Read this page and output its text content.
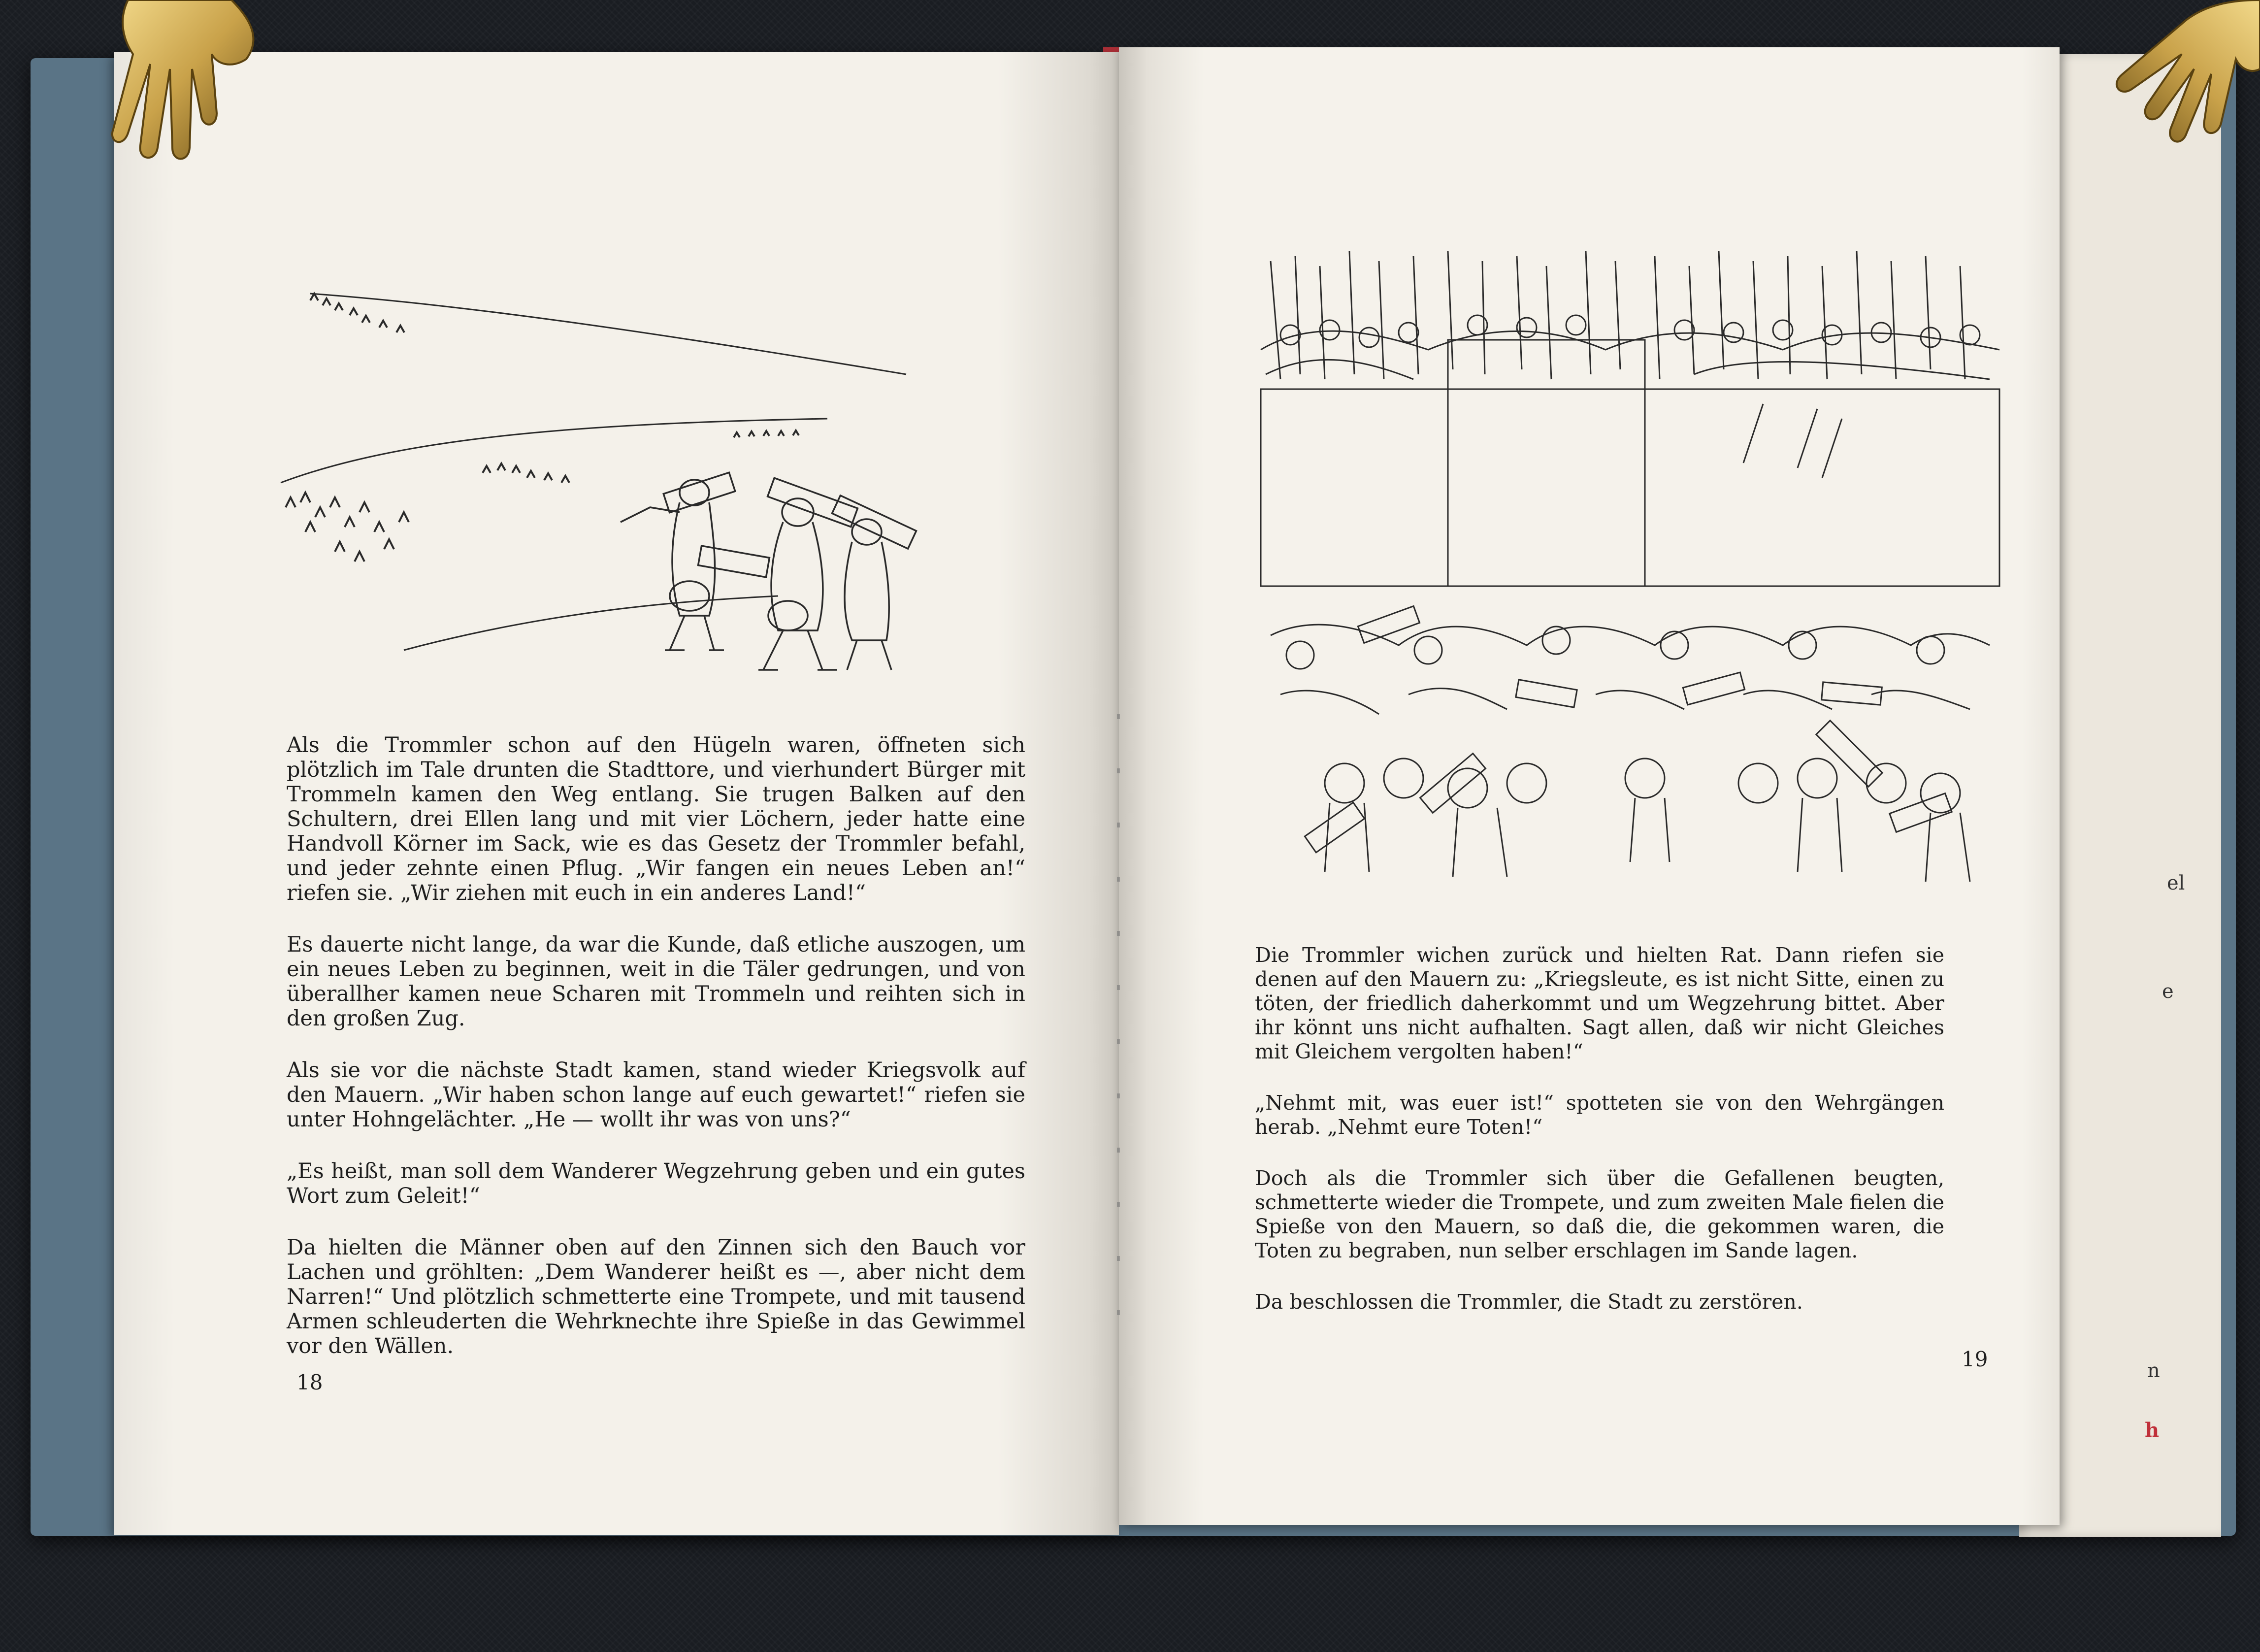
el
e
n
h

Als die Trommler schon auf den Hügeln waren, öffneten sich plötzlich im Tale drunten die Stadttore, und vierhundert Bürger mit Trommeln kamen den Weg entlang. Sie trugen Balken auf den Schultern, drei Ellen lang und mit vier Löchern, jeder hatte eine Handvoll Körner im Sack, wie es das Gesetz der Trommler befahl, und jeder zehnte einen Pflug. „Wir fangen ein neues Leben an!“ riefen sie. „Wir ziehen mit euch in ein anderes Land!“

Es dauerte nicht lange, da war die Kunde, daß etliche auszogen, um ein neues Leben zu beginnen, weit in die Täler gedrungen, und von überallher kamen neue Scharen mit Trommeln und reihten sich in den großen Zug.

Als sie vor die nächste Stadt kamen, stand wieder Kriegsvolk auf den Mauern. „Wir haben schon lange auf euch gewartet!“ riefen sie unter Hohngelächter. „He — wollt ihr was von uns?“

„Es heißt, man soll dem Wanderer Wegzehrung geben und ein gutes Wort zum Geleit!“

Da hielten die Männer oben auf den Zinnen sich den Bauch vor Lachen und gröhlten: „Dem Wanderer heißt es —, aber nicht dem Narren!“ Und plötzlich schmetterte eine Trompete, und mit tausend Armen schleuderten die Wehrknechte ihre Spieße in das Gewimmel vor den Wällen.

18

Die Trommler wichen zurück und hielten Rat. Dann riefen sie denen auf den Mauern zu: „Kriegsleute, es ist nicht Sitte, einen zu töten, der friedlich daherkommt und um Wegzehrung bittet. Aber ihr könnt uns nicht aufhalten. Sagt allen, daß wir nicht Gleiches mit Gleichem vergolten haben!“

„Nehmt mit, was euer ist!“ spotteten sie von den Wehrgängen herab. „Nehmt eure Toten!“

Doch als die Trommler sich über die Gefallenen beugten, schmetterte wieder die Trompete, und zum zweiten Male fielen die Spieße von den Mauern, so daß die, die gekommen waren, die Toten zu begraben, nun selber erschlagen im Sande lagen.

Da beschlossen die Trommler, die Stadt zu zerstören.

19
